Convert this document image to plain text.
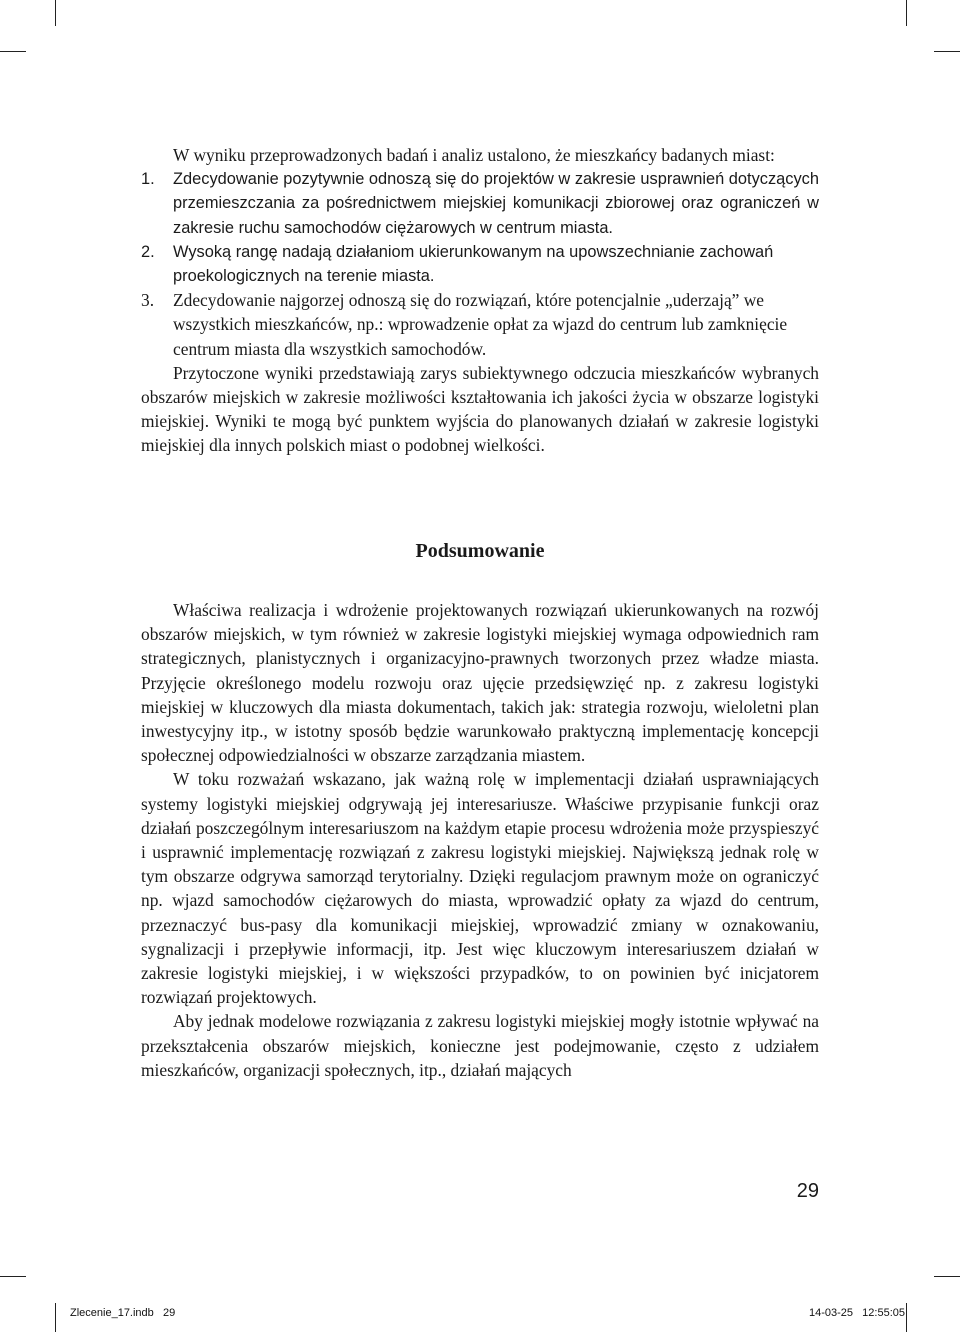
W wyniku przeprowadzonych badań i analiz ustalono, że mieszkańcy badanych miast:

1. Zdecydowanie pozytywnie odnoszą się do projektów w zakresie usprawnień dotyczących przemieszczania za pośrednictwem miejskiej komunikacji zbiorowej oraz ograniczeń w zakresie ruchu samochodów ciężarowych w centrum miasta.
2. Wysoką rangę nadają działaniom ukierunkowanym na upowszechnianie zachowań proekologicznych na terenie miasta.
3. Zdecydowanie najgorzej odnoszą się do rozwiązań, które potencjalnie „uderzają” we wszystkich mieszkańców, np.: wprowadzenie opłat za wjazd do centrum lub zamknięcie centrum miasta dla wszystkich samochodów.

Przytoczone wyniki przedstawiają zarys subiektywnego odczucia mieszkańców wybranych obszarów miejskich w zakresie możliwości kształtowania ich jakości życia w obszarze logistyki miejskiej. Wyniki te mogą być punktem wyjścia do planowanych działań w zakresie logistyki miejskiej dla innych polskich miast o podobnej wielkości.

Podsumowanie

Właściwa realizacja i wdrożenie projektowanych rozwiązań ukierunkowanych na rozwój obszarów miejskich, w tym również w zakresie logistyki miejskiej wymaga odpowiednich ram strategicznych, planistycznych i organizacyjno-prawnych tworzonych przez władze miasta. Przyjęcie określonego modelu rozwoju oraz ujęcie przedsięwzięć np. z zakresu logistyki miejskiej w kluczowych dla miasta dokumentach, takich jak: strategia rozwoju, wieloletni plan inwestycyjny itp., w istotny sposób będzie warunkowało praktyczną implementację koncepcji społecznej odpowiedzialności w obszarze zarządzania miastem.

W toku rozważań wskazano, jak ważną rolę w implementacji działań usprawniających systemy logistyki miejskiej odgrywają jej interesariusze. Właściwe przypisanie funkcji oraz działań poszczególnym interesariuszom na każdym etapie procesu wdrożenia może przyspieszyć i usprawnić implementację rozwiązań z zakresu logistyki miejskiej. Największą jednak rolę w tym obszarze odgrywa samorząd terytorialny. Dzięki regulacjom prawnym może on ograniczyć np. wjazd samochodów ciężarowych do miasta, wprowadzić opłaty za wjazd do centrum, przeznaczyć bus-pasy dla komunikacji miejskiej, wprowadzić zmiany w oznakowaniu, sygnalizacji i przepływie informacji, itp. Jest więc kluczowym interesariuszem działań w zakresie logistyki miejskiej, i w większości przypadków, to on powinien być inicjatorem rozwiązań projektowych.

Aby jednak modelowe rozwiązania z zakresu logistyki miejskiej mogły istotnie wpływać na przekształcenia obszarów miejskich, konieczne jest podejmowanie, często z udziałem mieszkańców, organizacji społecznych, itp., działań mających

29
Zlecenie_17.indb   29	14-03-25   12:55:05
